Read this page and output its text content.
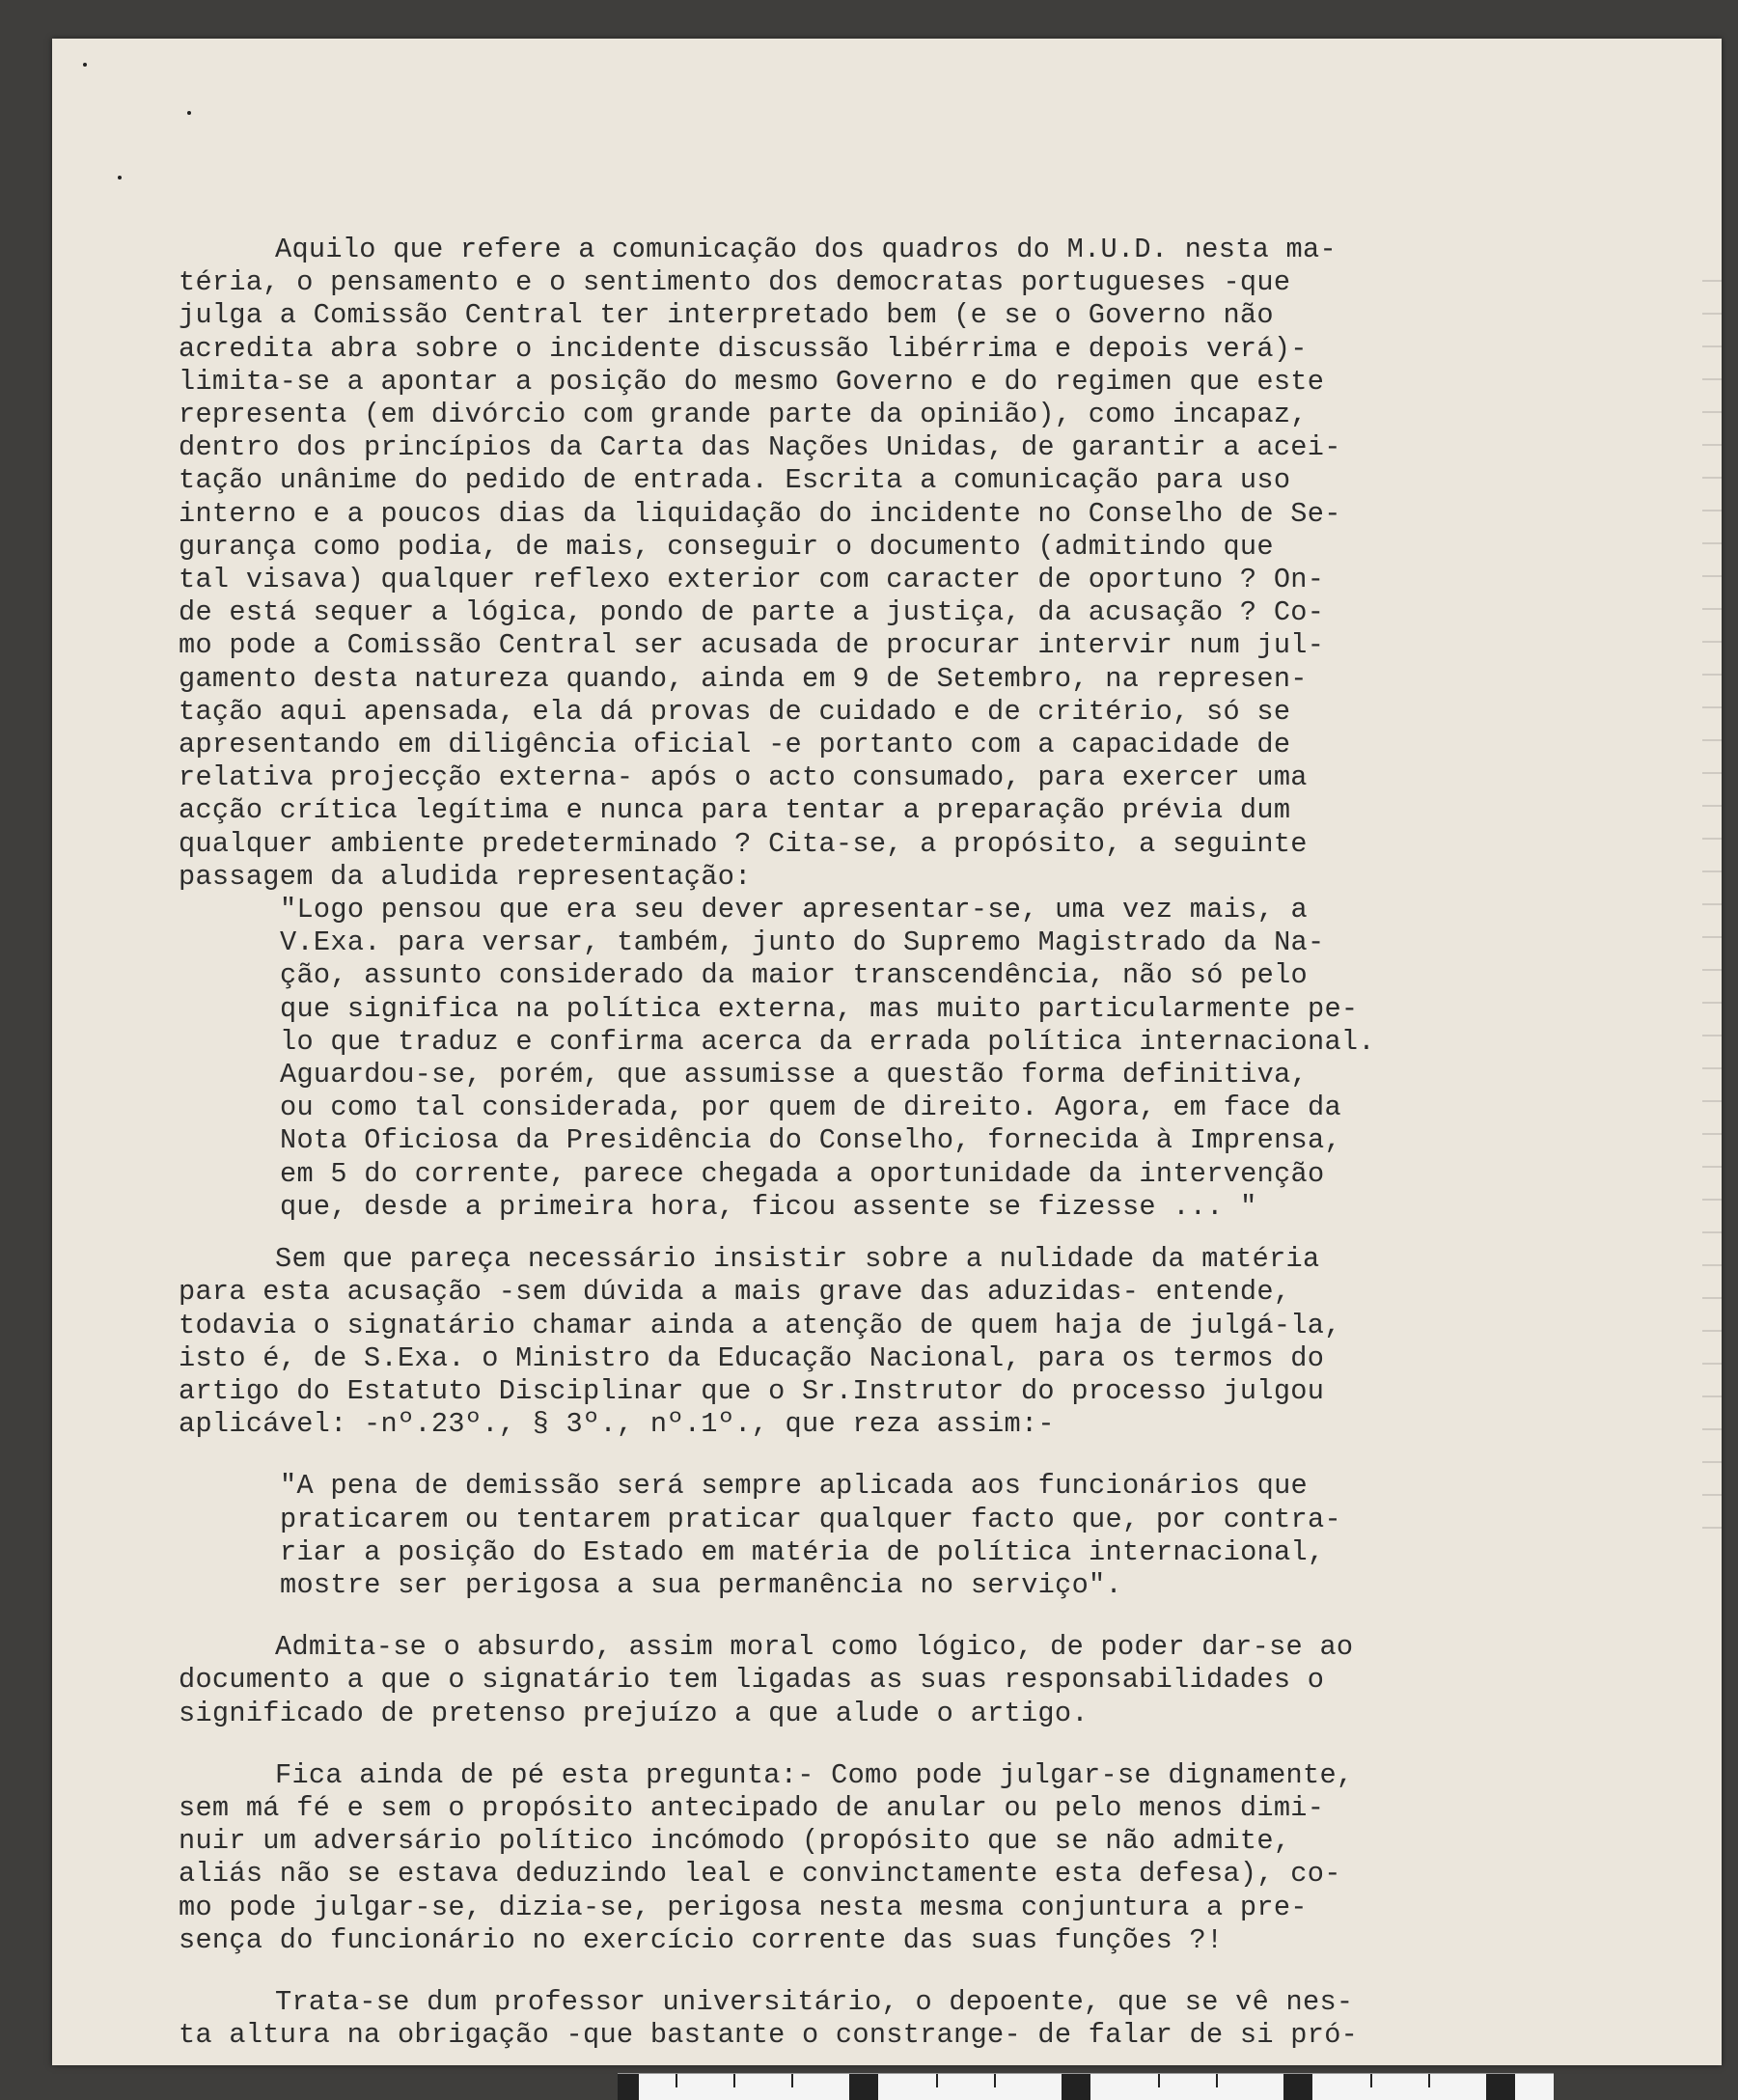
Aquilo que refere a comunicação dos quadros do M.U.D. nesta ma-
téria, o pensamento e o sentimento dos democratas portugueses -que
julga a Comissão Central ter interpretado bem (e se o Governo não
acredita abra sobre o incidente discussão libérrima e depois verá)-
limita-se a apontar a posição do mesmo Governo e do regimen que este
representa (em divórcio com grande parte da opinião), como incapaz,
dentro dos princípios da Carta das Nações Unidas, de garantir a acei-
tação unânime do pedido de entrada. Escrita a comunicação para uso
interno e a poucos dias da liquidação do incidente no Conselho de Se-
gurança como podia, de mais, conseguir o documento (admitindo que
tal visava) qualquer reflexo exterior com caracter de oportuno ? On-
de está sequer a lógica, pondo de parte a justiça, da acusação ? Co-
mo pode a Comissão Central ser acusada de procurar intervir num jul-
gamento desta natureza quando, ainda em 9 de Setembro, na represen-
tação aqui apensada, ela dá provas de cuidado e de critério, só se
apresentando em diligência oficial -e portanto com a capacidade de
relativa projecção externa- após o acto consumado, para exercer uma
acção crítica legítima e nunca para tentar a preparação prévia dum
qualquer ambiente predeterminado ? Cita-se, a propósito, a seguinte
passagem da aludida representação:
"Logo pensou que era seu dever apresentar-se, uma vez mais, a
V.Exa. para versar, também, junto do Supremo Magistrado da Na-
ção, assunto considerado da maior transcendência, não só pelo
que significa na política externa, mas muito particularmente pe-
lo que traduz e confirma acerca da errada política internacional.
Aguardou-se, porém, que assumisse a questão forma definitiva,
ou como tal considerada, por quem de direito. Agora, em face da
Nota Oficiosa da Presidência do Conselho, fornecida à Imprensa,
em 5 do corrente, parece chegada a oportunidade da intervenção
que, desde a primeira hora, ficou assente se fizesse ... "
Sem que pareça necessário insistir sobre a nulidade da matéria
para esta acusação -sem dúvida a mais grave das aduzidas- entende,
todavia o signatário chamar ainda a atenção de quem haja de julgá-la,
isto é, de S.Exa. o Ministro da Educação Nacional, para os termos do
artigo do Estatuto Disciplinar que o Sr.Instrutor do processo julgou
aplicável: -nº.23º., § 3º., nº.1º., que reza assim:-
"A pena de demissão será sempre aplicada aos funcionários que
praticarem ou tentarem praticar qualquer facto que, por contra-
riar a posição do Estado em matéria de política internacional,
mostre ser perigosa a sua permanência no serviço".
Admita-se o absurdo, assim moral como lógico, de poder dar-se ao
documento a que o signatário tem ligadas as suas responsabilidades o
significado de pretenso prejuízo a que alude o artigo.
Fica ainda de pé esta pregunta:- Como pode julgar-se dignamente,
sem má fé e sem o propósito antecipado de anular ou pelo menos dimi-
nuir um adversário político incómodo (propósito que se não admite,
aliás não se estava deduzindo leal e convinctamente esta defesa), co-
mo pode julgar-se, dizia-se, perigosa nesta mesma conjuntura a pre-
sença do funcionário no exercício corrente das suas funções ?!
Trata-se dum professor universitário, o depoente, que se vê nes-
ta altura na obrigação -que bastante o constrange- de falar de si pró-
